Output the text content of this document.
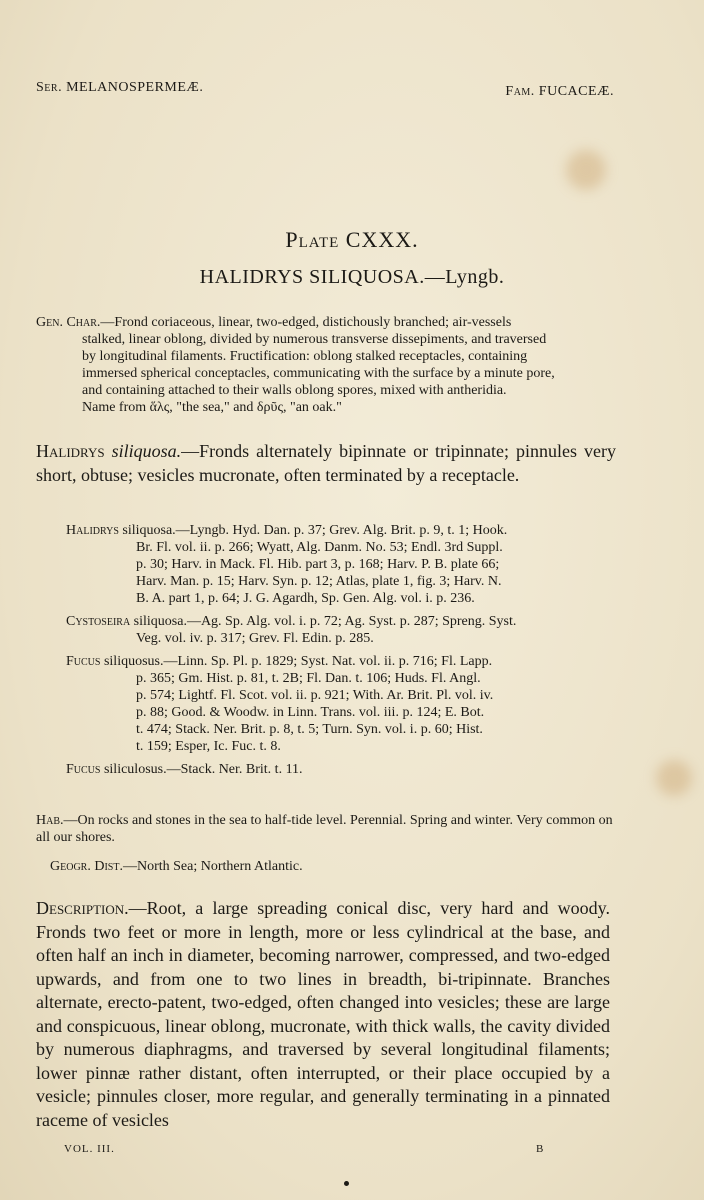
Ser. MELANOSPERMEÆ.	Fam. FUCACEÆ.
Plate CXXX.
HALIDRYS SILIQUOSA.—Lyngb.
Gen. Char.—Frond coriaceous, linear, two-edged, distichously branched; air-vessels
stalked, linear oblong, divided by numerous transverse dissepiments, and traversed
by longitudinal filaments. Fructification: oblong stalked receptacles, containing
immersed spherical conceptacles, communicating with the surface by a minute pore,
and containing attached to their walls oblong spores, mixed with antheridia.
Name from ἅλς, "the sea," and δρῦς, "an oak."
Halidrys siliquosa.—Fronds alternately bipinnate or tripinnate; pinnules very short, obtuse; vesicles mucronate, often terminated by a receptacle.
Halidrys siliquosa.—Lyngb. Hyd. Dan. p. 37; Grev. Alg. Brit. p. 9, t. 1; Hook.
Br. Fl. vol. ii. p. 266; Wyatt, Alg. Danm. No. 53; Endl. 3rd Suppl.
p. 30; Harv. in Mack. Fl. Hib. part 3, p. 168; Harv. P. B. plate 66;
Harv. Man. p. 15; Harv. Syn. p. 12; Atlas, plate 1, fig. 3; Harv. N.
B. A. part 1, p. 64; J. G. Agardh, Sp. Gen. Alg. vol. i. p. 236.
Cystoseira siliquosa.—Ag. Sp. Alg. vol. i. p. 72; Ag. Syst. p. 287; Spreng. Syst.
Veg. vol. iv. p. 317; Grev. Fl. Edin. p. 285.
Fucus siliquosus.—Linn. Sp. Pl. p. 1829; Syst. Nat. vol. ii. p. 716; Fl. Lapp.
p. 365; Gm. Hist. p. 81, t. 2B; Fl. Dan. t. 106; Huds. Fl. Angl.
p. 574; Lightf. Fl. Scot. vol. ii. p. 921; With. Ar. Brit. Pl. vol. iv.
p. 88; Good. & Woodw. in Linn. Trans. vol. iii. p. 124; E. Bot.
t. 474; Stack. Ner. Brit. p. 8, t. 5; Turn. Syn. vol. i. p. 60; Hist.
t. 159; Esper, Ic. Fuc. t. 8.
Fucus siliculosus.—Stack. Ner. Brit. t. 11.
Hab.—On rocks and stones in the sea to half-tide level. Perennial. Spring and winter. Very common on all our shores.
Geogr. Dist.—North Sea; Northern Atlantic.
Description.—Root, a large spreading conical disc, very hard and woody. Fronds two feet or more in length, more or less cylindrical at the base, and often half an inch in diameter, becoming narrower, compressed, and two-edged upwards, and from one to two lines in breadth, bi-tripinnate. Branches alternate, erecto-patent, two-edged, often changed into vesicles; these are large and conspicuous, linear oblong, mucronate, with thick walls, the cavity divided by numerous diaphragms, and traversed by several longitudinal filaments; lower pinnæ rather distant, often interrupted, or their place occupied by a vesicle; pinnules closer, more regular, and generally terminating in a pinnated raceme of vesicles
VOL. III.	B
